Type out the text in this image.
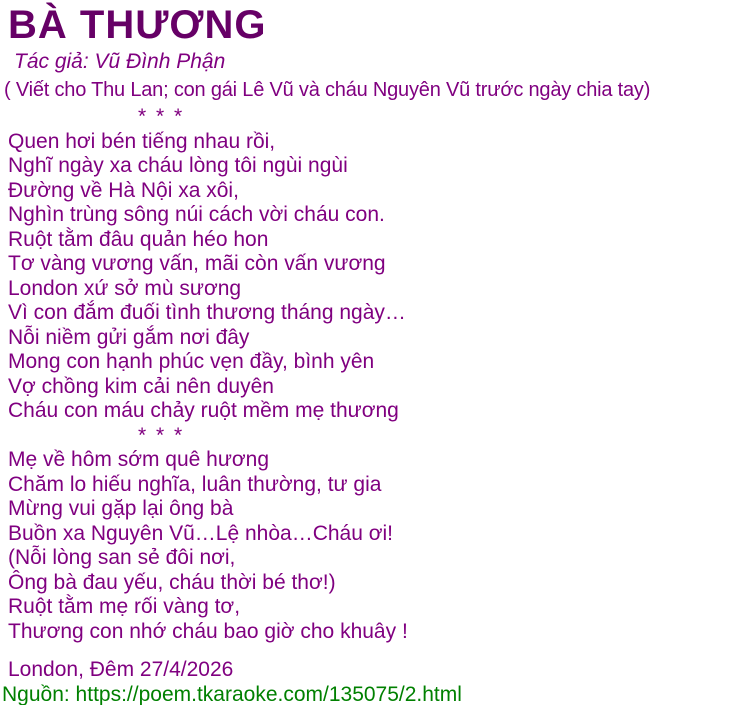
BÀ THƯƠNG
Tác giả: Vũ Đình Phận
( Viết cho Thu Lan; con gái Lê Vũ và cháu Nguyên Vũ trước ngày chia tay)
* * *
Quen hơi bén tiếng nhau rồi,
Nghĩ ngày xa cháu lòng tôi ngùi ngùi
Đường về Hà Nội xa xôi,
Nghìn trùng sông núi cách vời cháu con.
Ruột tằm đâu quản héo hon
Tơ vàng vương vấn, mãi còn vấn vương
London xứ sở mù sương
Vì con đắm đuối tình thương tháng ngày…
Nỗi niềm gửi gắm nơi đây
Mong con hạnh phúc vẹn đầy, bình yên
Vợ chồng kim cải nên duyên
Cháu con máu chảy ruột mềm mẹ thương
* * *
Mẹ về hôm sớm quê hương
Chăm lo hiếu nghĩa, luân thường, tư gia
Mừng vui gặp lại ông bà
Buồn xa Nguyên Vũ…Lệ nhòa…Cháu ơi!
(Nỗi lòng san sẻ đôi nơi,
Ông bà đau yếu, cháu thời bé thơ!)
Ruột tằm mẹ rối vàng tơ,
Thương con nhớ cháu bao giờ cho khuây !
London, Đêm 27/4/2026
Nguồn: https://poem.tkaraoke.com/135075/2.html
